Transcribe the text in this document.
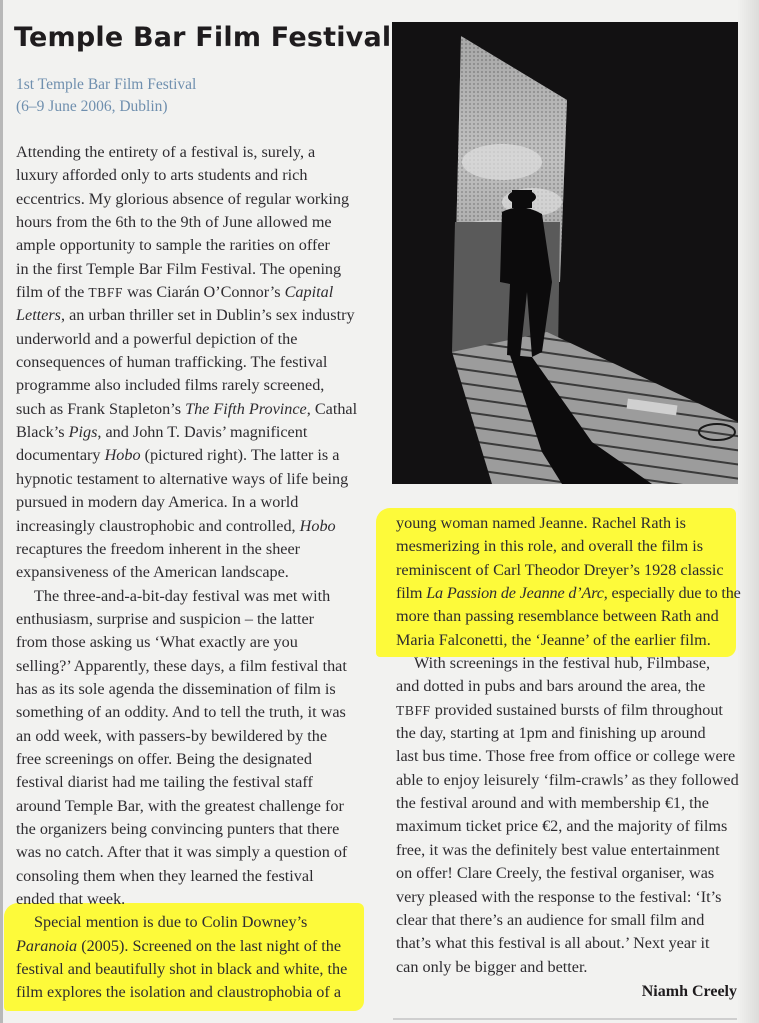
Temple Bar Film Festival
1st Temple Bar Film Festival
(6–9 June 2006, Dublin)

Attending the entirety of a festival is, surely, a

luxury afforded only to arts students and rich

eccentrics. My glorious absence of regular working

hours from the 6th to the 9th of June allowed me

ample opportunity to sample the rarities on offer

in the first Temple Bar Film Festival. The opening

film of the TBFF was Ciarán O’Connor’s Capital

Letters, an urban thriller set in Dublin’s sex industry

underworld and a powerful depiction of the

consequences of human trafficking. The festival

programme also included films rarely screened,

such as Frank Stapleton’s The Fifth Province, Cathal

Black’s Pigs, and John T. Davis’ magnificent

documentary Hobo (pictured right). The latter is a

hypnotic testament to alternative ways of life being

pursued in modern day America. In a world

increasingly claustrophobic and controlled, Hobo

recaptures the freedom inherent in the sheer

expansiveness of the American landscape.

The three-and-a-bit-day festival was met with

enthusiasm, surprise and suspicion – the latter

from those asking us ‘What exactly are you

selling?’ Apparently, these days, a film festival that

has as its sole agenda the dissemination of film is

something of an oddity. And to tell the truth, it was

an odd week, with passers-by bewildered by the

free screenings on offer. Being the designated

festival diarist had me tailing the festival staff

around Temple Bar, with the greatest challenge for

the organizers being convincing punters that there

was no catch. After that it was simply a question of

consoling them when they learned the festival

ended that week.

Special mention is due to Colin Downey’s

Paranoia (2005). Screened on the last night of the

festival and beautifully shot in black and white, the

film explores the isolation and claustrophobia of a

young woman named Jeanne. Rachel Rath is

mesmerizing in this role, and overall the film is

reminiscent of Carl Theodor Dreyer’s 1928 classic

film La Passion de Jeanne d’Arc, especially due to the

more than passing resemblance between Rath and

Maria Falconetti, the ‘Jeanne’ of the earlier film.

With screenings in the festival hub, Filmbase,

and dotted in pubs and bars around the area, the

TBFF provided sustained bursts of film throughout

the day, starting at 1pm and finishing up around

last bus time. Those free from office or college were

able to enjoy leisurely ‘film-crawls’ as they followed

the festival around and with membership €1, the

maximum ticket price €2, and the majority of films

free, it was the definitely best value entertainment

on offer! Clare Creely, the festival organiser, was

very pleased with the response to the festival: ‘It’s

clear that there’s an audience for small film and

that’s what this festival is all about.’ Next year it

can only be bigger and better.

Niamh Creely
